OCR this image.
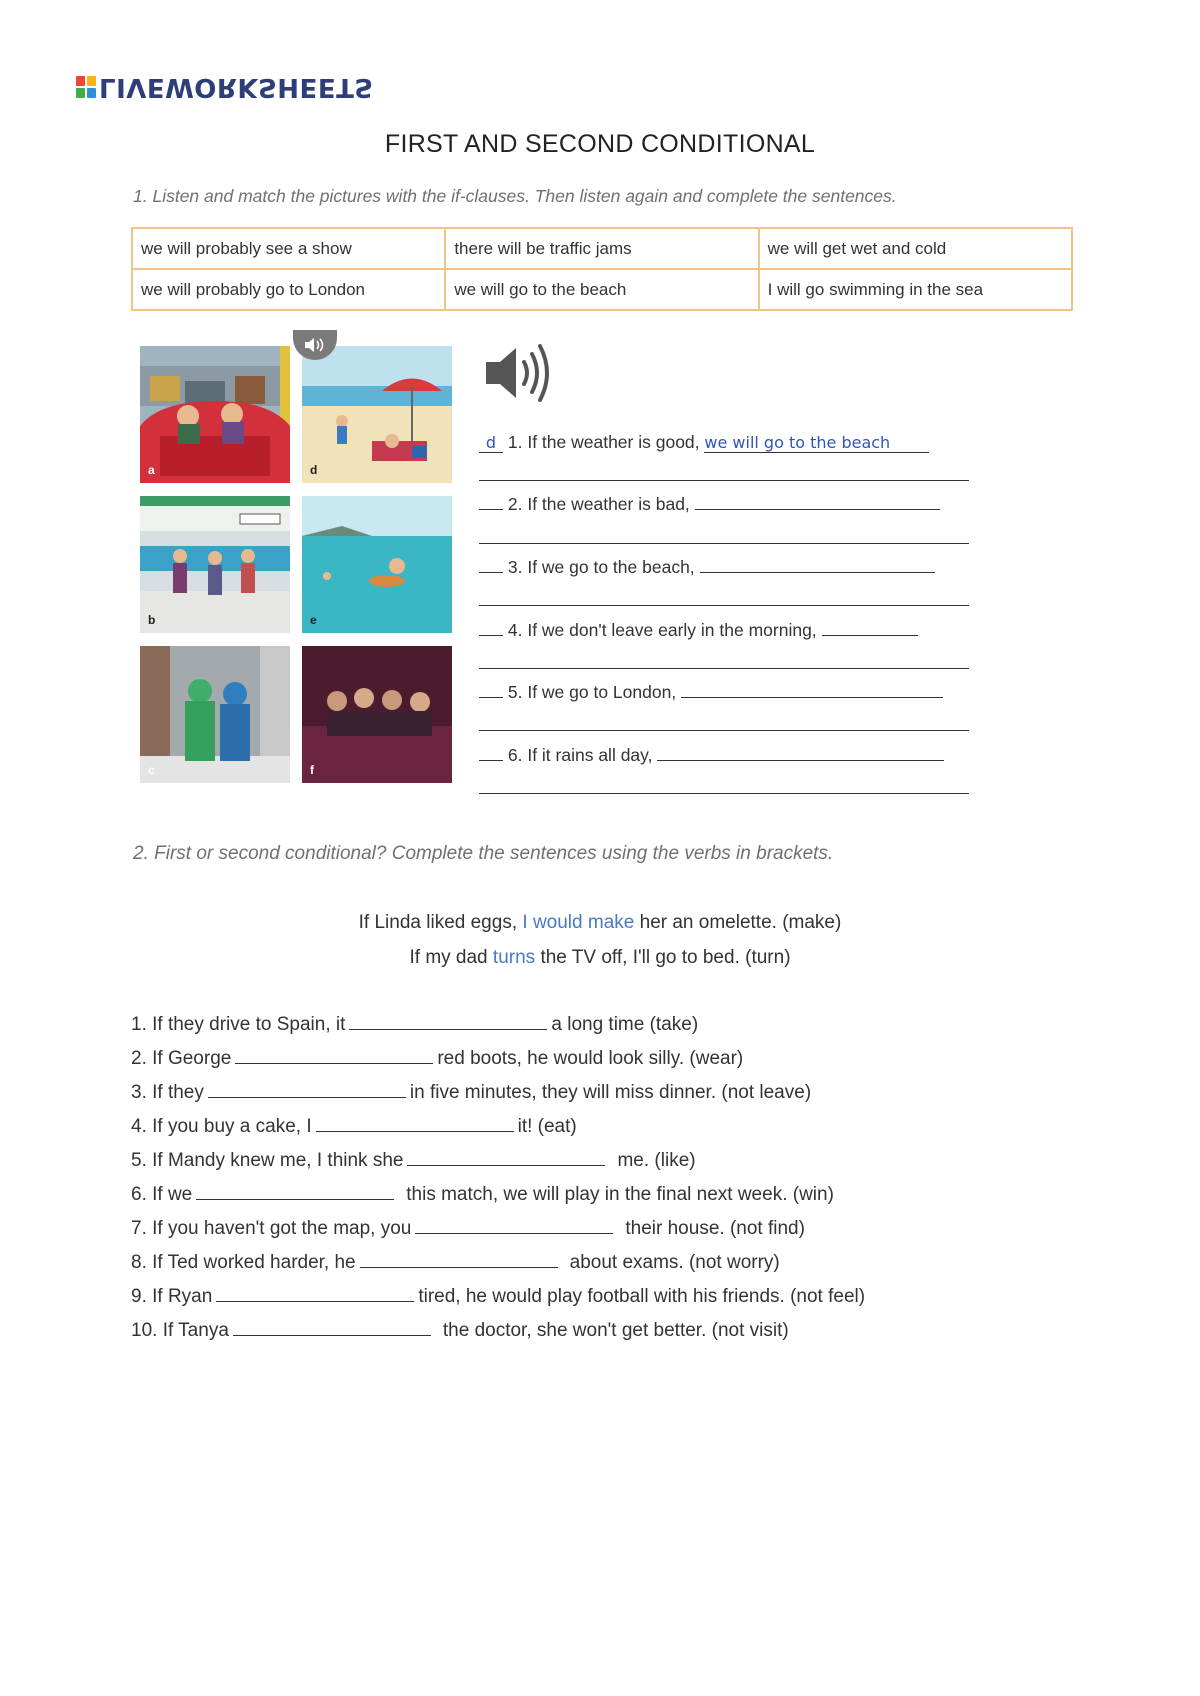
LIVEWORKSHEETS
FIRST AND SECOND CONDITIONAL
1. Listen and match the pictures with the if-clauses. Then listen again and complete the sentences.
we will probably see a show	there will be traffic jams	we will get wet and cold
we will probably go to London	we will go to the beach	I will go swimming in the sea
a	d
b	e
c	f
d 1. If the weather is good, we will go to the beach
2. If the weather is bad,
3. If we go to the beach,
4. If we don't leave early in the morning,
5. If we go to London,
6. If it rains all day,
2. First or second conditional? Complete the sentences using the verbs in brackets.
If Linda liked eggs, I would make her an omelette. (make)
If my dad turns the TV off, I'll go to bed. (turn)
1. If they drive to Spain, it	a long time (take)
2. If George	red boots, he would look silly. (wear)
3. If they	in five minutes, they will miss dinner. (not leave)
4. If you buy a cake, I	it! (eat)
5. If Mandy knew me, I think she	me. (like)
6. If we	this match, we will play in the final next week. (win)
7. If you haven't got the map, you	their house. (not find)
8. If Ted worked harder, he	about exams. (not worry)
9. If Ryan	tired, he would play football with his friends. (not feel)
10. If Tanya	the doctor, she won't get better. (not visit)
